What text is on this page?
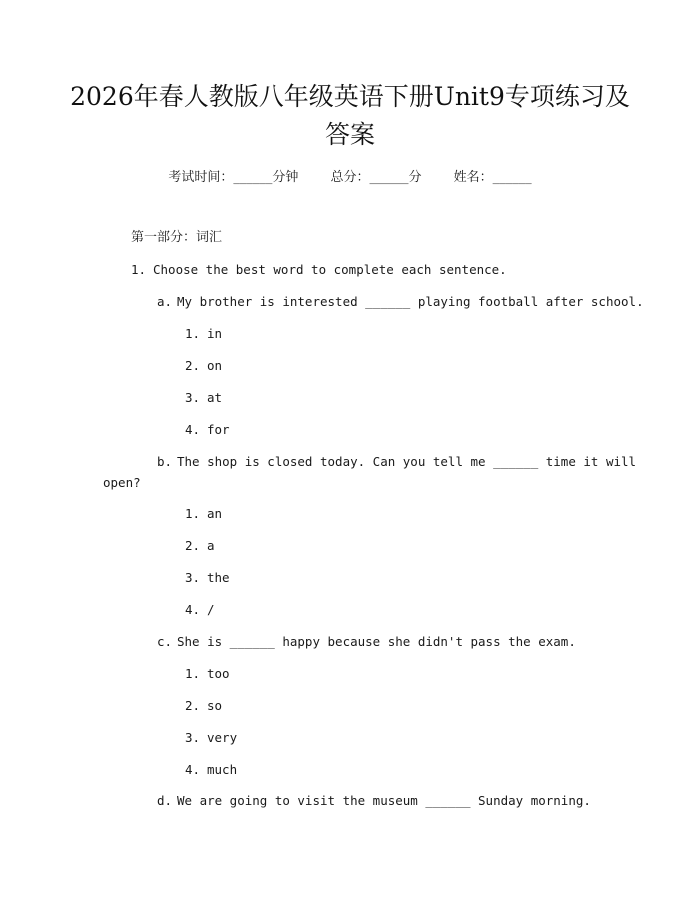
2026年春人教版八年级英语下册Unit9专项练习及答案
考试时间：______分钟 总分：______分 姓名：______
第一部分：词汇
1. Choose the best word to complete each sentence.
a. My brother is interested ______ playing football after school.
1. in
2. on
3. at
4. for
b. The shop is closed today. Can you tell me ______ time it will
open?
1. an
2. a
3. the
4. /
c. She is ______ happy because she didn't pass the exam.
1. too
2. so
3. very
4. much
d. We are going to visit the museum ______ Sunday morning.
